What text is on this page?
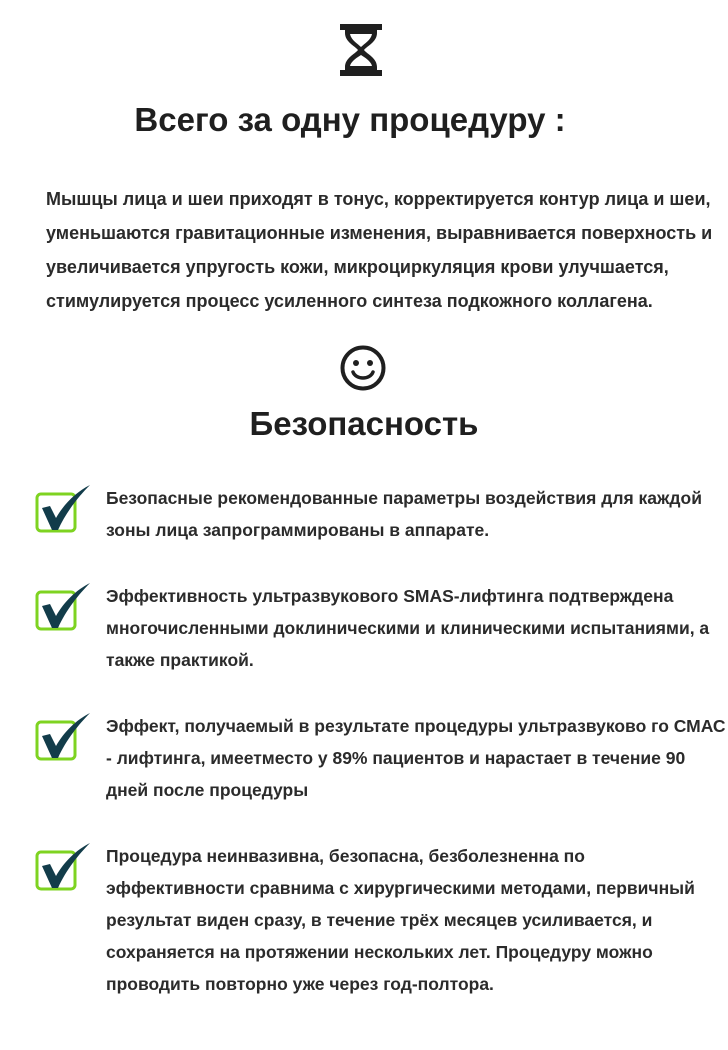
Всего за одну процедуру :
Мышцы лица и шеи приходят в тонус, корректируется контур лица и шеи, уменьшаются гравитационные изменения, выравнивается поверхность и увеличивается упругость кожи, микроциркуляция крови улучшается, стимулируется процесс усиленного синтеза подкожного коллагена.
Безопасность
Безопасные рекомендованные параметры воздействия для каждой зоны лица запрограммированы в аппарате.
Эффективность ультразвукового SMAS-лифтинга подтверждена многочисленными доклиническими и клиническими испытаниями, а также практикой.
Эффект, получаемый в результате процедуры ультразвуково го СМАС - лифтинга, имеетместо у 89% пациентов и нарастает в течение 90 дней после процедуры
Процедура неинвазивна, безопасна, безболезненна по эффективности сравнима с хирургическими методами, первичный результат виден сразу, в течение трёх месяцев усиливается, и сохраняется на протяжении нескольких лет. Процедуру можно проводить повторно уже через год-полтора.
